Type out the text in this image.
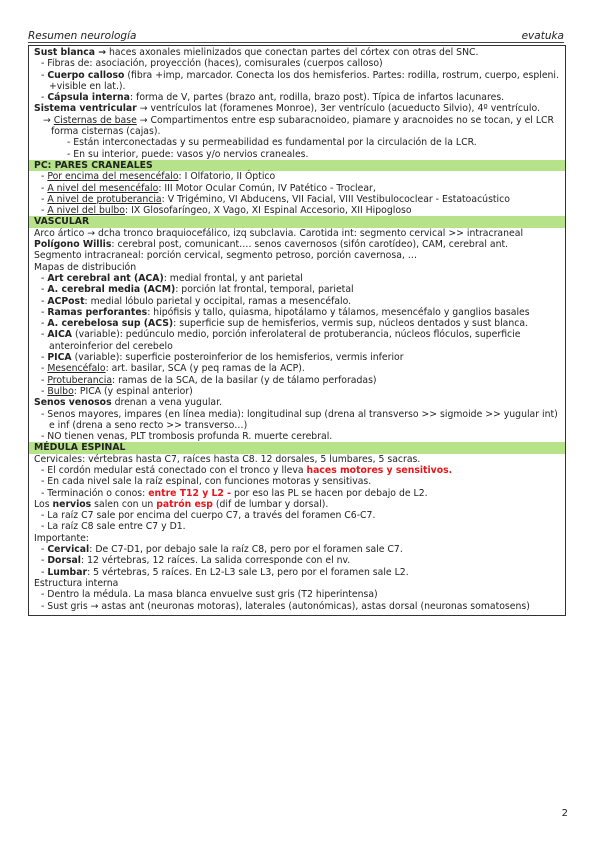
Resumen neurología	evatuka
Sust blanca → haces axonales mielinizados que conectan partes del córtex con otras del SNC.
- Fibras de: asociación, proyección (haces), comisurales (cuerpos calloso)
- Cuerpo calloso (fibra +imp, marcador. Conecta los dos hemisferios. Partes: rodilla, rostrum, cuerpo, espleni. +visible en lat.).
- Cápsula interna: forma de V, partes (brazo ant, rodilla, brazo post). Típica de infartos lacunares.
Sistema ventricular → ventrículos lat (foramenes Monroe), 3er ventrículo (acueducto Silvio), 4º ventrículo.
→ Cisternas de base → Compartimentos entre esp subaracnoideo, piamare y aracnoides no se tocan, y el LCR forma cisternas (cajas).
- Están interconectadas y su permeabilidad es fundamental por la circulación de la LCR.
- En su interior, puede: vasos y/o nervios craneales.
PC: PARES CRANEALES
- Por encima del mesencéfalo: I Olfatorio, II Óptico
- A nivel del mesencéfalo: III Motor Ocular Común, IV Patético - Troclear,
- A nivel de protuberancia: V Trigémino, VI Abducens, VII Facial, VIII Vestibulococlear - Estatoacústico
- A nivel del bulbo: IX Glosofaríngeo, X Vago, XI Espinal Accesorio, XII Hipogloso
VASCULAR
Arco ártico → dcha tronco braquiocefálico, izq subclavia. Carotida int: segmento cervical >> intracraneal
Polígono Willis: cerebral post, comunicant…. senos cavernosos (sifón carotídeo), CAM, cerebral ant.
Segmento intracraneal: porción cervical, segmento petroso, porción cavernosa, …
Mapas de distribución
- Art cerebral ant (ACA): medial frontal, y ant parietal
- A. cerebral media (ACM): porción lat frontal, temporal, parietal
- ACPost: medial lóbulo parietal y occipital, ramas a mesencéfalo.
- Ramas perforantes: hipófisis y tallo, quiasma, hipotálamo y tálamos, mesencéfalo y ganglios basales
- A. cerebelosa sup (ACS): superficie sup de hemisferios, vermis sup, núcleos dentados y sust blanca.
- AICA (variable): pedúnculo medio, porción inferolateral de protuberancia, núcleos flóculos, superficie anteroinferior del cerebelo
- PICA (variable): superficie posteroinferior de los hemisferios, vermis inferior
- Mesencéfalo: art. basilar, SCA (y peq ramas de la ACP).
- Protuberancia: ramas de la SCA, de la basilar (y de tálamo perforadas)
- Bulbo: PICA (y espinal anterior)
Senos venosos drenan a vena yugular.
- Senos mayores, impares (en línea media): longitudinal sup (drena al transverso >> sigmoide >> yugular int) e inf (drena a seno recto >> transverso…)
- NO tienen venas, PLT trombosis profunda R. muerte cerebral.
MÉDULA ESPINAL
Cervicales: vértebras hasta C7, raíces hasta C8. 12 dorsales, 5 lumbares, 5 sacras.
- El cordón medular está conectado con el tronco y lleva haces motores y sensitivos.
- En cada nivel sale la raíz espinal, con funciones motoras y sensitivas.
- Terminación o conos: entre T12 y L2 - por eso las PL se hacen por debajo de L2.
Los nervios salen con un patrón esp (dif de lumbar y dorsal).
- La raíz C7 sale por encima del cuerpo C7, a través del foramen C6-C7.
- La raíz C8 sale entre C7 y D1.
Importante:
- Cervical: De C7-D1, por debajo sale la raíz C8, pero por el foramen sale C7.
- Dorsal: 12 vértebras, 12 raíces. La salida corresponde con el nv.
- Lumbar: 5 vértebras, 5 raíces. En L2-L3 sale L3, pero por el foramen sale L2.
Estructura interna
- Dentro la médula. La masa blanca envuelve sust gris (T2 hiperintensa)
- Sust gris → astas ant (neuronas motoras), laterales (autonómicas), astas dorsal (neuronas somatosens)
2
